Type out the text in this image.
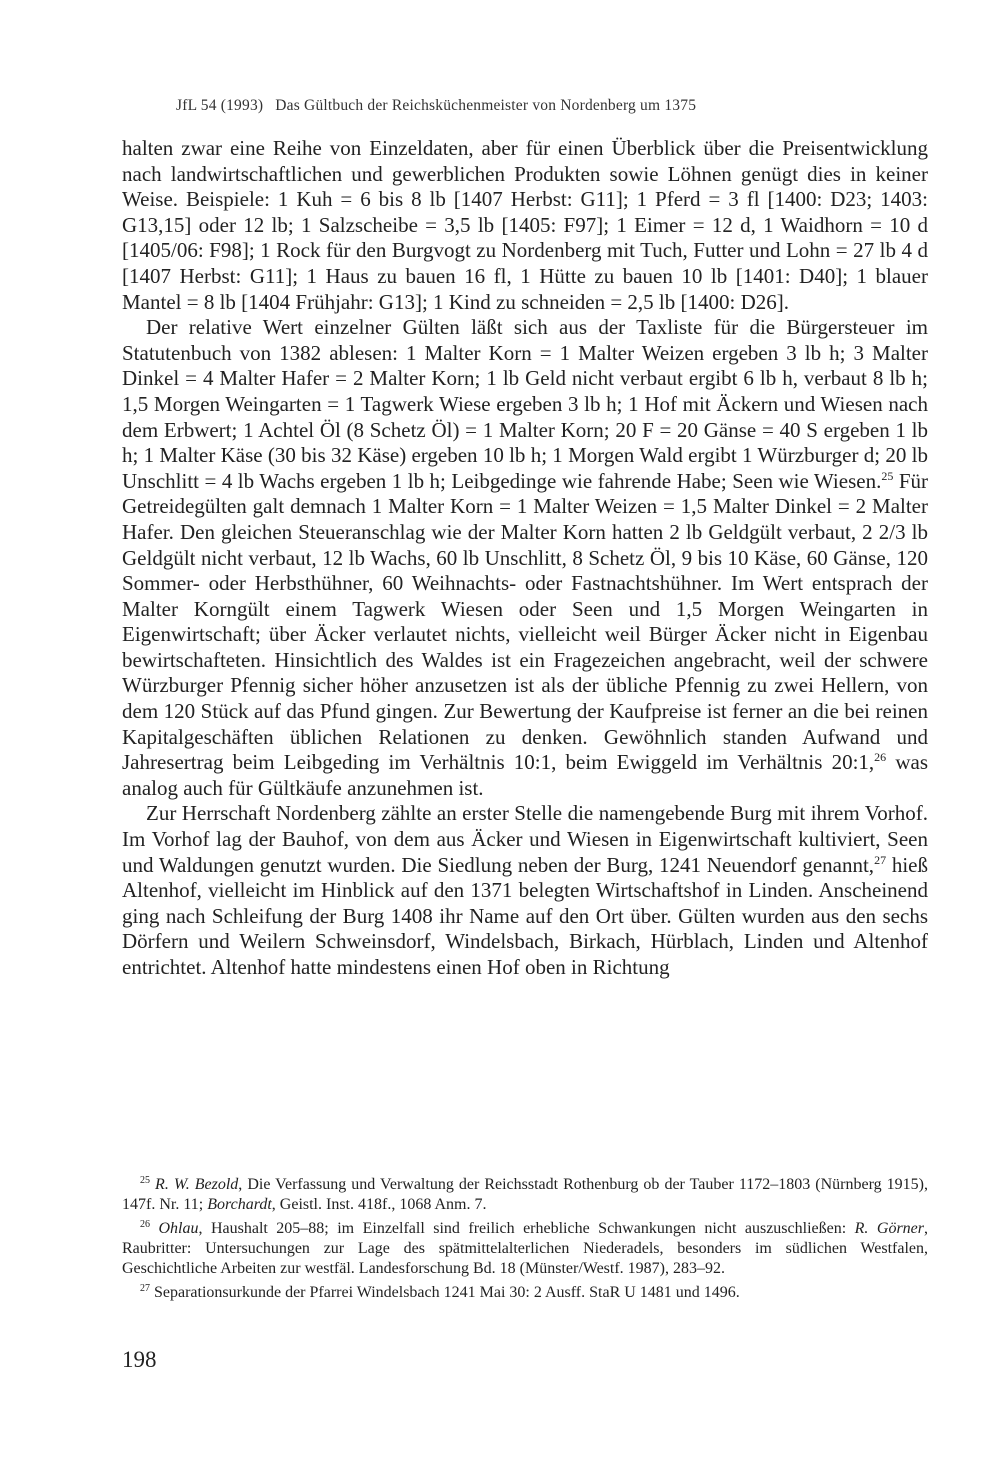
JfL 54 (1993) Das Gültbuch der Reichsküchenmeister von Nordenberg um 1375

halten zwar eine Reihe von Einzeldaten, aber für einen Überblick über die Preisentwicklung nach landwirtschaftlichen und gewerblichen Produkten sowie Löhnen genügt dies in keiner Weise. Beispiele: 1 Kuh = 6 bis 8 lb [1407 Herbst: G11]; 1 Pferd = 3 fl [1400: D23; 1403: G13,15] oder 12 lb; 1 Salzscheibe = 3,5 lb [1405: F97]; 1 Eimer = 12 d, 1 Waidhorn = 10 d [1405/06: F98]; 1 Rock für den Burgvogt zu Nordenberg mit Tuch, Futter und Lohn = 27 lb 4 d [1407 Herbst: G11]; 1 Haus zu bauen 16 fl, 1 Hütte zu bauen 10 lb [1401: D40]; 1 blauer Mantel = 8 lb [1404 Frühjahr: G13]; 1 Kind zu schneiden = 2,5 lb [1400: D26].

Der relative Wert einzelner Gülten läßt sich aus der Taxliste für die Bürgersteuer im Statutenbuch von 1382 ablesen: 1 Malter Korn = 1 Malter Weizen ergeben 3 lb h; 3 Malter Dinkel = 4 Malter Hafer = 2 Malter Korn; 1 lb Geld nicht verbaut ergibt 6 lb h, verbaut 8 lb h; 1,5 Morgen Weingarten = 1 Tagwerk Wiese ergeben 3 lb h; 1 Hof mit Äckern und Wiesen nach dem Erbwert; 1 Achtel Öl (8 Schetz Öl) = 1 Malter Korn; 20 F = 20 Gänse = 40 S ergeben 1 lb h; 1 Malter Käse (30 bis 32 Käse) ergeben 10 lb h; 1 Morgen Wald ergibt 1 Würzburger d; 20 lb Unschlitt = 4 lb Wachs ergeben 1 lb h; Leibgedinge wie fahrende Habe; Seen wie Wiesen.$^{25}$ Für Getreidegülten galt demnach 1 Malter Korn = 1 Malter Weizen = 1,5 Malter Dinkel = 2 Malter Hafer. Den gleichen Steueranschlag wie der Malter Korn hatten 2 lb Geldgült verbaut, 2 2/3 lb Geldgült nicht verbaut, 12 lb Wachs, 60 lb Unschlitt, 8 Schetz Öl, 9 bis 10 Käse, 60 Gänse, 120 Sommer- oder Herbsthühner, 60 Weihnachts- oder Fastnachtshühner. Im Wert entsprach der Malter Korngült einem Tagwerk Wiesen oder Seen und 1,5 Morgen Weingarten in Eigenwirtschaft; über Äcker verlautet nichts, vielleicht weil Bürger Äcker nicht in Eigenbau bewirtschafteten. Hinsichtlich des Waldes ist ein Fragezeichen angebracht, weil der schwere Würzburger Pfennig sicher höher anzusetzen ist als der übliche Pfennig zu zwei Hellern, von dem 120 Stück auf das Pfund gingen. Zur Bewertung der Kaufpreise ist ferner an die bei reinen Kapitalgeschäften üblichen Relationen zu denken. Gewöhnlich standen Aufwand und Jahresertrag beim Leibgeding im Verhältnis 10:1, beim Ewiggeld im Verhältnis 20:1,26 was analog auch für Gültkäufe anzunehmen ist.

Zur Herrschaft Nordenberg zählte an erster Stelle die namengebende Burg mit ihrem Vorhof. Im Vorhof lag der Bauhof, von dem aus Äcker und Wiesen in Eigenwirtschaft kultiviert, Seen und Waldungen genutzt wurden. Die Siedlung neben der Burg, 1241 Neuendorf genannt,$^{27}$ hieß Altenhof, vielleicht im Hinblick auf den 1371 belegten Wirtschaftshof in Linden. Anscheinend ging nach Schleifung der Burg 1408 ihr Name auf den Ort über. Gülten wurden aus den sechs Dörfern und Weilern Schweinsdorf, Windelsbach, Birkach, Hürblach, Linden und Altenhof entrichtet. Altenhof hatte mindestens einen Hof oben in Richtung

$^{25}$ R. W. Bezold, Die Verfassung und Verwaltung der Reichsstadt Rothenburg ob der Tauber 1172–1803 (Nürnberg 1915), 147f. Nr. 11; Borchardt, Geistl. Inst. 418f., 1068 Anm. 7.

$^{26}$ Ohlau, Haushalt 205–88; im Einzelfall sind freilich erhebliche Schwankungen nicht auszuschließen: R. Görner, Raubritter: Untersuchungen zur Lage des spätmittelalterlichen Niederadels, besonders im südlichen Westfalen, Geschichtliche Arbeiten zur westfäl. Landesforschung Bd. 18 (Münster/Westf. 1987), 283–92.

$^{27}$ Separationsurkunde der Pfarrei Windelsbach 1241 Mai 30: 2 Ausff. StaR U 1481 und 1496.

198
